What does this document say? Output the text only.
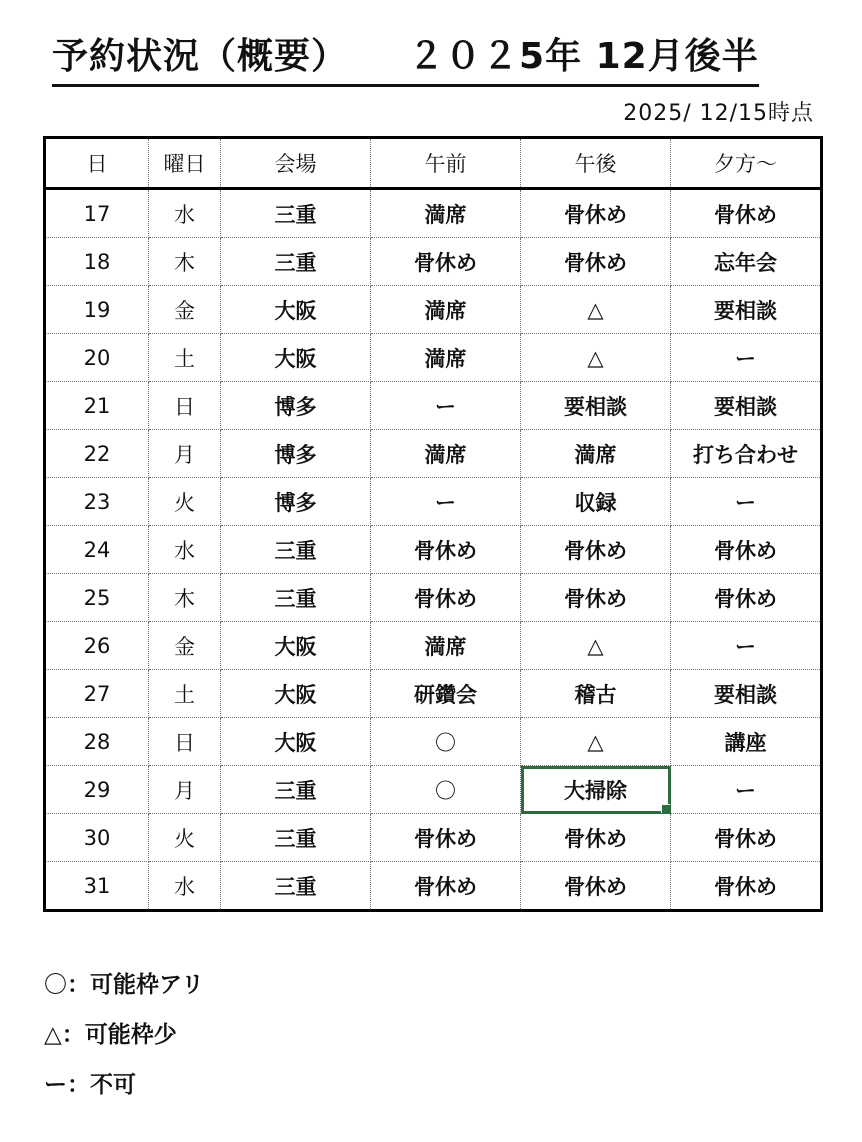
予約状況（概要） ２０２5年 12月後半
2025/ 12/15時点
日	曜日	会場	午前	午後	夕方～
17	水	三重	満席	骨休め	骨休め
18	木	三重	骨休め	骨休め	忘年会
19	金	大阪	満席	△	要相談
20	土	大阪	満席	△	ー
21	日	博多	ー	要相談	要相談
22	月	博多	満席	満席	打ち合わせ
23	火	博多	ー	収録	ー
24	水	三重	骨休め	骨休め	骨休め
25	木	三重	骨休め	骨休め	骨休め
26	金	大阪	満席	△	ー
27	土	大阪	研鑽会	稽古	要相談
28	日	大阪	〇	△	講座
29	月	三重	〇	大掃除	ー
30	火	三重	骨休め	骨休め	骨休め
31	水	三重	骨休め	骨休め	骨休め
〇：可能枠アリ
△：可能枠少
ー：不可
